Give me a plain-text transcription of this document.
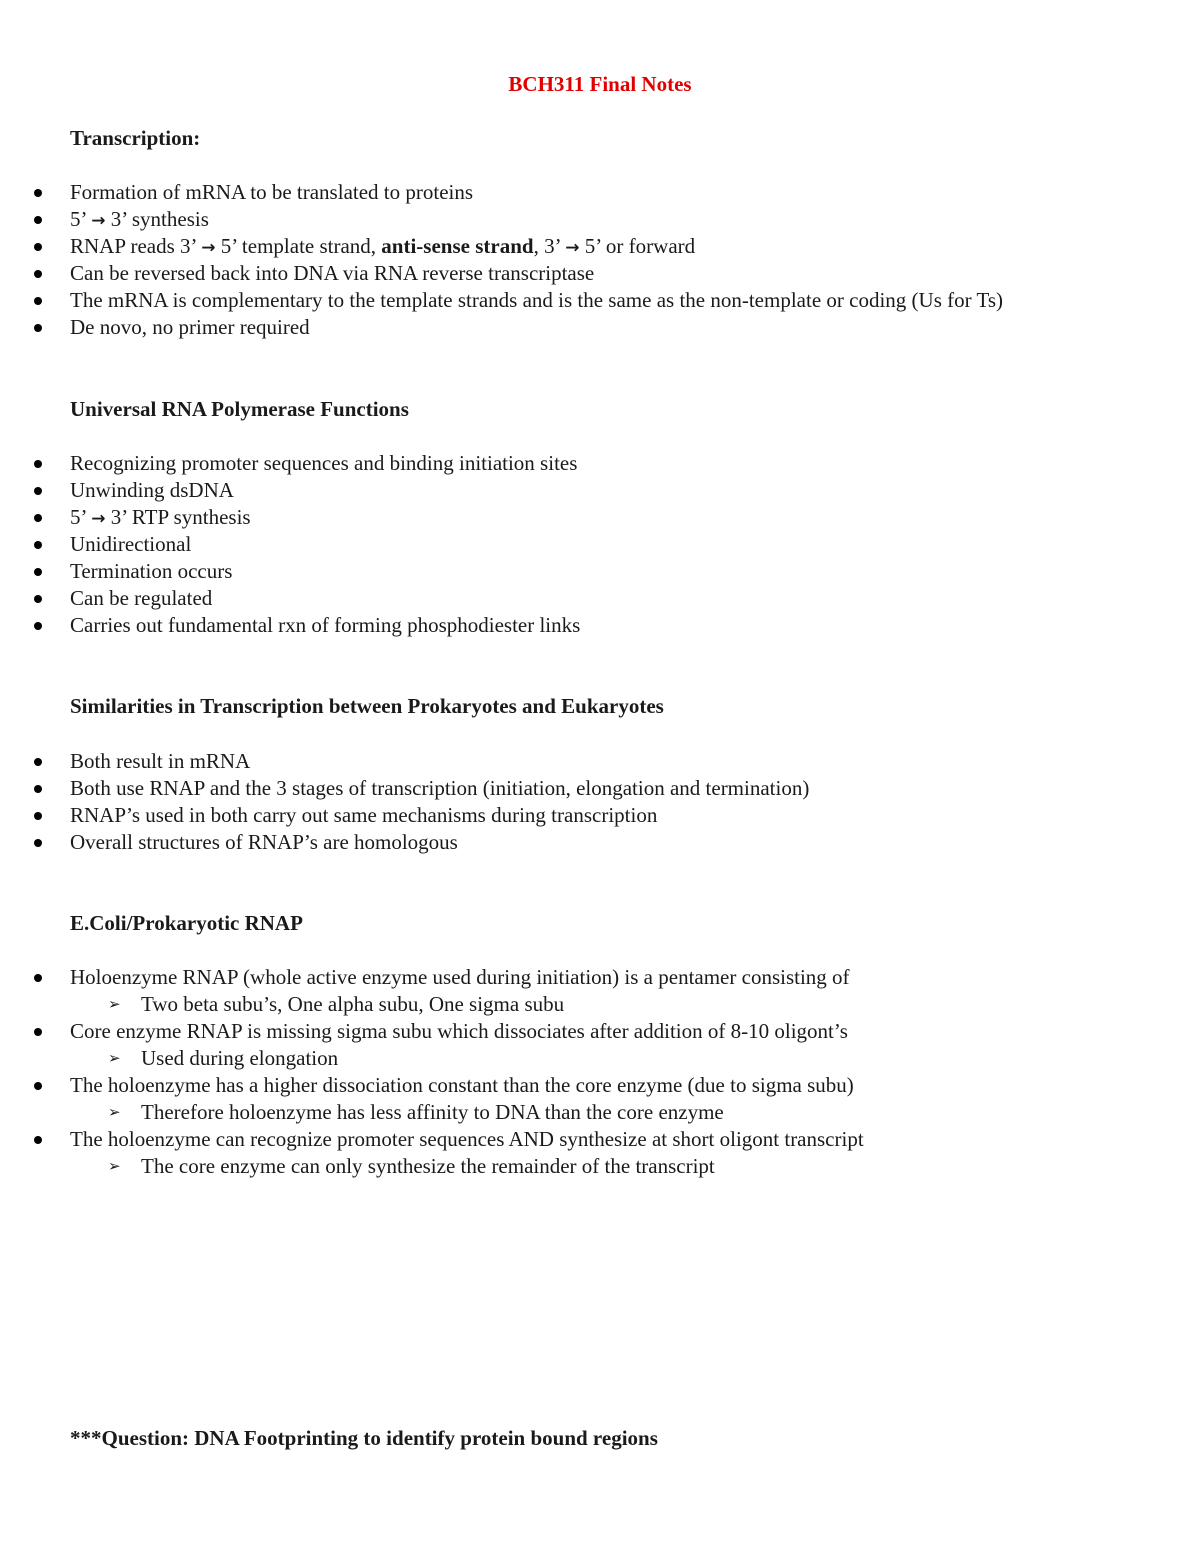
BCH311 Final Notes
Transcription:
Formation of mRNA to be translated to proteins
5’ → 3’ synthesis
RNAP reads 3’ → 5’ template strand, anti-sense strand, 3’ → 5’ or forward
Can be reversed back into DNA via RNA reverse transcriptase
The mRNA is complementary to the template strands and is the same as the non-template or coding (Us for Ts)
De novo, no primer required
Universal RNA Polymerase Functions
Recognizing promoter sequences and binding initiation sites
Unwinding dsDNA
5’ → 3’ RTP synthesis
Unidirectional
Termination occurs
Can be regulated
Carries out fundamental rxn of forming phosphodiester links
Similarities in Transcription between Prokaryotes and Eukaryotes
Both result in mRNA
Both use RNAP and the 3 stages of transcription (initiation, elongation and termination)
RNAP’s used in both carry out same mechanisms during transcription
Overall structures of RNAP’s are homologous
E.Coli/Prokaryotic RNAP
Holoenzyme RNAP (whole active enzyme used during initiation) is a pentamer consisting of
➢ Two beta subu’s, One alpha subu, One sigma subu
Core enzyme RNAP is missing sigma subu which dissociates after addition of 8-10 oligont’s
➢ Used during elongation
The holoenzyme has a higher dissociation constant than the core enzyme (due to sigma subu)
➢ Therefore holoenzyme has less affinity to DNA than the core enzyme
The holoenzyme can recognize promoter sequences AND synthesize at short oligont transcript
➢ The core enzyme can only synthesize the remainder of the transcript
***Question: DNA Footprinting to identify protein bound regions
